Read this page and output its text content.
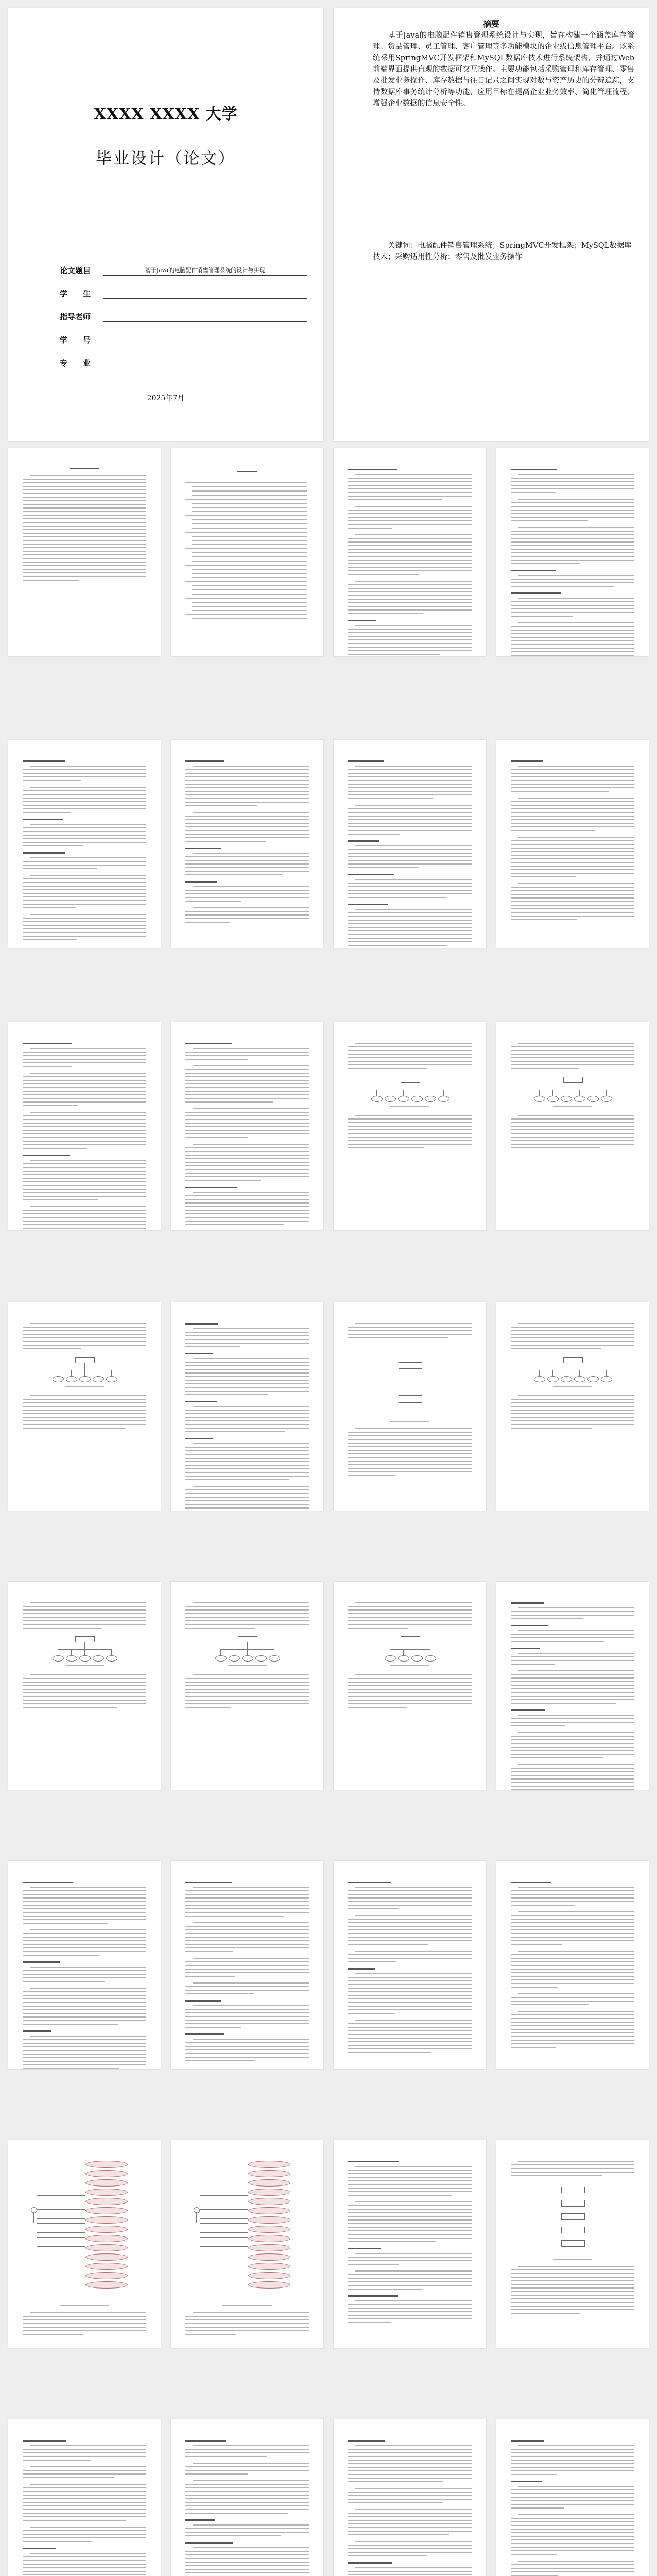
XXXX XXXX 大学
毕业设计（论文）
论文题目	基于Java的电脑配件销售管理系统的设计与实现
学　　生
指导老师
学　　号
专　　业
2025年7月
摘要
基于Java的电脑配件销售管理系统设计与实现，旨在构建一个涵盖库存管理、货品管理、员工管理、客户管理等多功能模块的企业级信息管理平台。该系统采用SpringMVC开发框架和MySQL数据库技术进行系统架构，并通过Web前端界面提供直观的数据可交互操作。主要功能包括采购管理和库存管理、零售及批发业务操作、库存数据与往日记录之间实现对数与资产历史的分辨追踪，支持数据库事务统计分析等功能，应用目标在提高企业业务效率、简化管理流程、增强企业数据的信息安全性。
关键词：电脑配件销售管理系统；SpringMVC开发框架；MySQL数据库技术；采购适用性分析；零售及批发业务操作
